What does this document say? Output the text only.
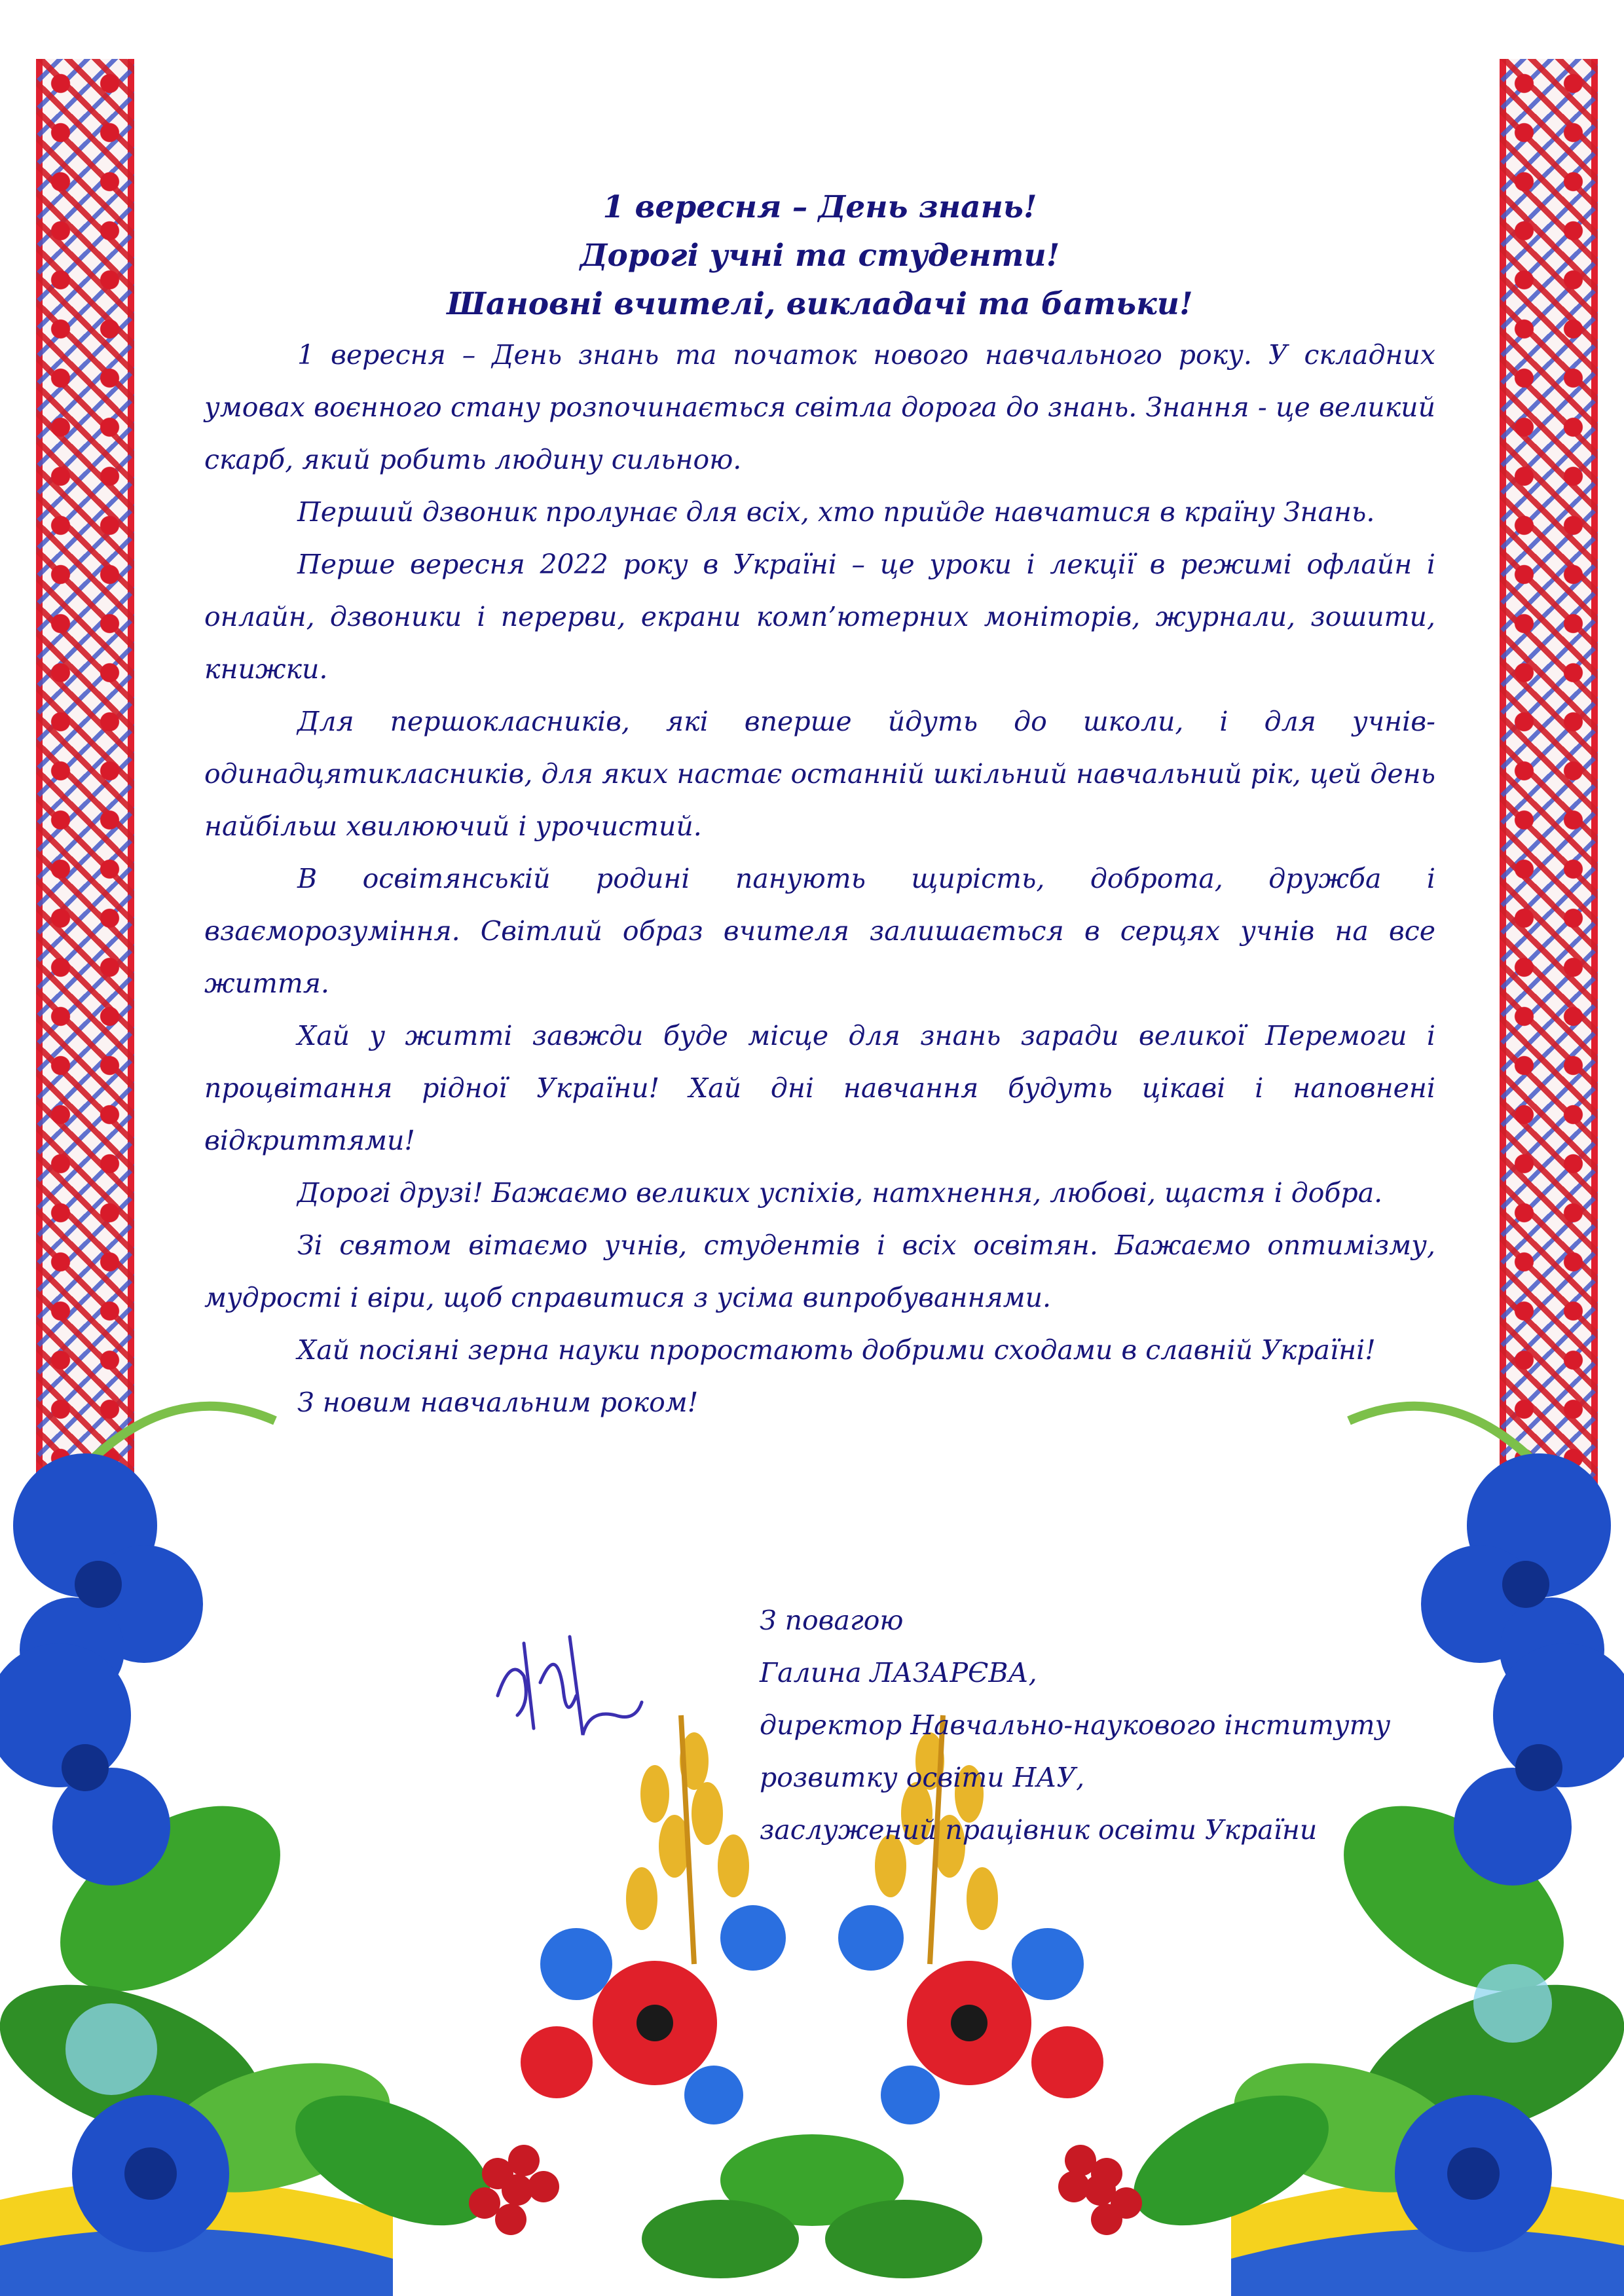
1 вересня – День знань!
Дорогі учні та студенти!
Шановні вчителі, викладачі та батьки!

1 вересня – День знань та початок нового навчального року. У складних умовах воєнного стану розпочинається світла дорога до знань. Знання - це великий скарб, який робить людину сильною.

Перший дзвоник пролунає для всіх, хто прийде навчатися в країну Знань.

Перше вересня 2022 року в Україні – це уроки і лекції в режимі офлайн і онлайн, дзвоники і перерви, екрани комп’ютерних моніторів, журнали, зошити, книжки.

Для першокласників, які вперше йдуть до школи, і для учнів-одинадцятикласників, для яких настає останній шкільний навчальний рік, цей день найбільш хвилюючий і урочистий.

В освітянській родині панують щирість, доброта, дружба і взаєморозуміння. Світлий образ вчителя залишається в серцях учнів на все життя.

Хай у житті завжди буде місце для знань заради великої Перемоги і процвітання рідної України! Хай дні навчання будуть цікаві і наповнені відкриттями!

Дорогі друзі! Бажаємо великих успіхів, натхнення, любові, щастя і добра.

Зі святом вітаємо учнів, студентів і всіх освітян. Бажаємо оптимізму, мудрості і віри, щоб справитися з усіма випробуваннями.

Хай посіяні зерна науки проростають добрими сходами в славній Україні!

З новим навчальним роком!

З повагою
Галина ЛАЗАРЄВА,
директор Навчально-наукового інституту
розвитку освіти НАУ,
заслужений працівник освіти України
